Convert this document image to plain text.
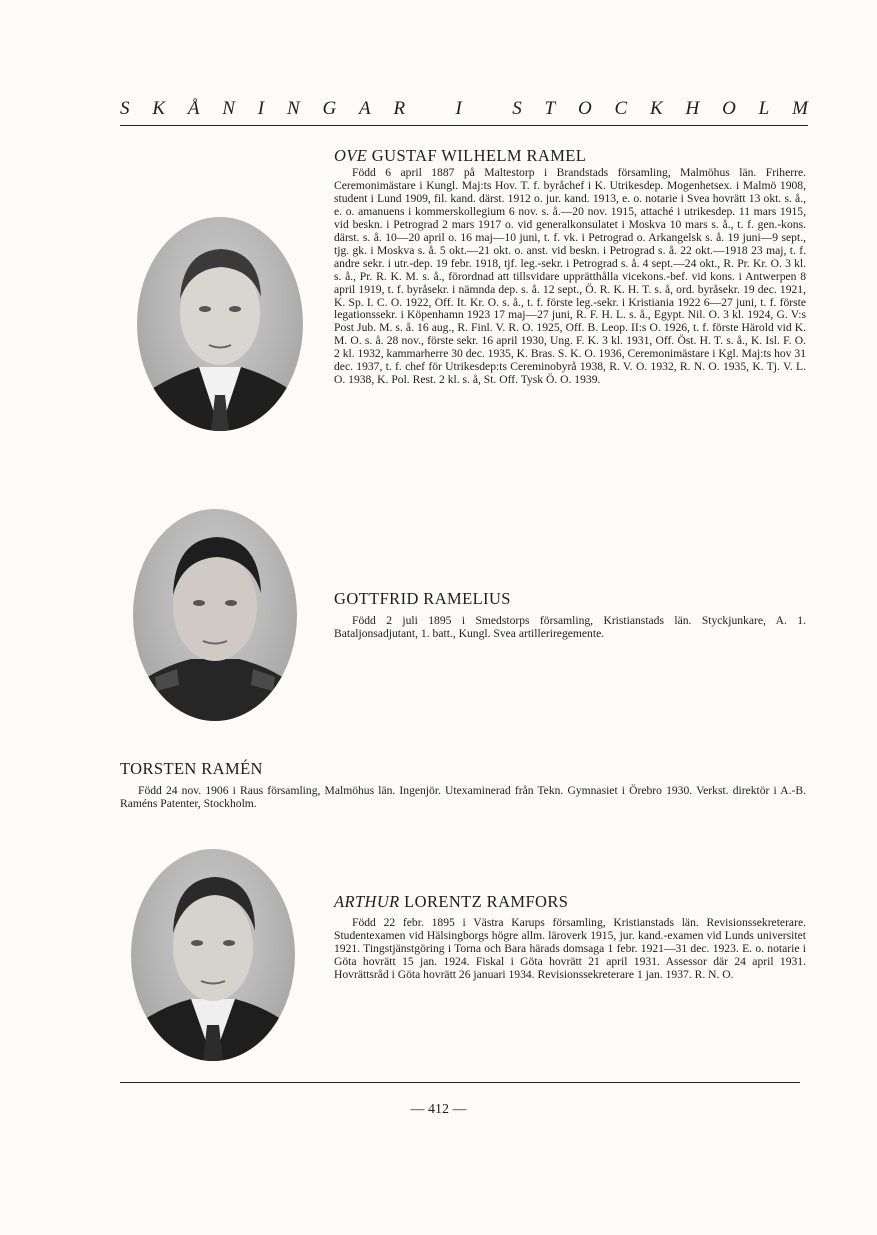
S K Å N I N G A R
	I
	S T O C K H O L M
OVE GUSTAF WILHELM RAMEL

Född 6 april 1887 på Maltestorp i Brandstads församling, Malmöhus län. Friherre. Ceremonimästare i Kungl. Maj:ts Hov. T. f. byråchef i K. Utrikesdep. Mogenhetsex. i Malmö 1908, student i Lund 1909, fil. kand. därst. 1912 o. jur. kand. 1913, e. o. notarie i Svea hovrätt 13 okt. s. å., e. o. amanuens i kommerskollegium 6 nov. s. å.—20 nov. 1915, attaché i utrikesdep. 11 mars 1915, vid beskn. i Petrograd 2 mars 1917 o. vid generalkonsulatet i Moskva 10 mars s. å., t. f. gen.-kons. därst. s. å. 10—20 april o. 16 maj—10 juni, t. f. vk. i Petrograd o. Arkangelsk s. å. 19 juni—9 sept., tjg. gk. i Moskva s. å. 5 okt.—21 okt. o. anst. vid beskn. i Petrograd s. å. 22 okt.—1918 23 maj, t. f. andre sekr. i utr.-dep. 19 febr. 1918, tjf. leg.-sekr. i Petrograd s. å. 4 sept.—24 okt., R. Pr. Kr. O. 3 kl. s. å., Pr. R. K. M. s. å., förordnad att tillsvidare upprätthålla vicekons.-bef. vid kons. i Antwerpen 8 april 1919, t. f. byråsekr. i nämnda dep. s. å. 12 sept., Ö. R. K. H. T. s. å, ord. byråsekr. 19 dec. 1921, K. Sp. I. C. O. 1922, Off. It. Kr. O. s. å., t. f. förste leg.-sekr. i Kristiania 1922 6—27 juni, t. f. förste legationssekr. i Köpenhamn 1923 17 maj—27 juni, R. F. H. L. s. å., Egypt. Nil. O. 3 kl. 1924, G. V:s Post Jub. M. s. å. 16 aug., R. Finl. V. R. O. 1925, Off. B. Leop. II:s O. 1926, t. f. förste Härold vid K. M. O. s. å. 28 nov., förste sekr. 16 april 1930, Ung. F. K. 3 kl. 1931, Off. Öst. H. T. s. å., K. Isl. F. O. 2 kl. 1932, kammarherre 30 dec. 1935, K. Bras. S. K. O. 1936, Ceremonimästare i Kgl. Maj:ts hov 31 dec. 1937, t. f. chef för Utrikesdep:ts Cereminobyrå 1938, R. V. O. 1932, R. N. O. 1935, K. Tj. V. L. O. 1938, K. Pol. Rest. 2 kl. s. å, St. Off. Tysk Ö. O. 1939.

GOTTFRID RAMELIUS

Född 2 juli 1895 i Smedstorps församling, Kristianstads län. Styckjunkare, A. 1. Bataljonsadjutant, 1. batt., Kungl. Svea artilleriregemente.

TORSTEN RAMÉN

Född 24 nov. 1906 i Raus församling, Malmöhus län. Ingenjör. Utexaminerad från Tekn. Gymnasiet i Örebro 1930. Verkst. direktör i A.-B. Raméns Patenter, Stockholm.

ARTHUR LORENTZ RAMFORS

Född 22 febr. 1895 i Västra Karups församling, Kristianstads län. Revisionssekreterare. Studentexamen vid Hälsingborgs högre allm. läroverk 1915, jur. kand.-examen vid Lunds universitet 1921. Tingstjänstgöring i Torna och Bara härads domsaga 1 febr. 1921—31 dec. 1923. E. o. notarie i Göta hovrätt 15 jan. 1924. Fiskal i Göta hovrätt 21 april 1931. Assessor där 24 april 1931. Hovrättsråd i Göta hovrätt 26 januari 1934. Revisionssekreterare 1 jan. 1937. R. N. O.

— 412 —
